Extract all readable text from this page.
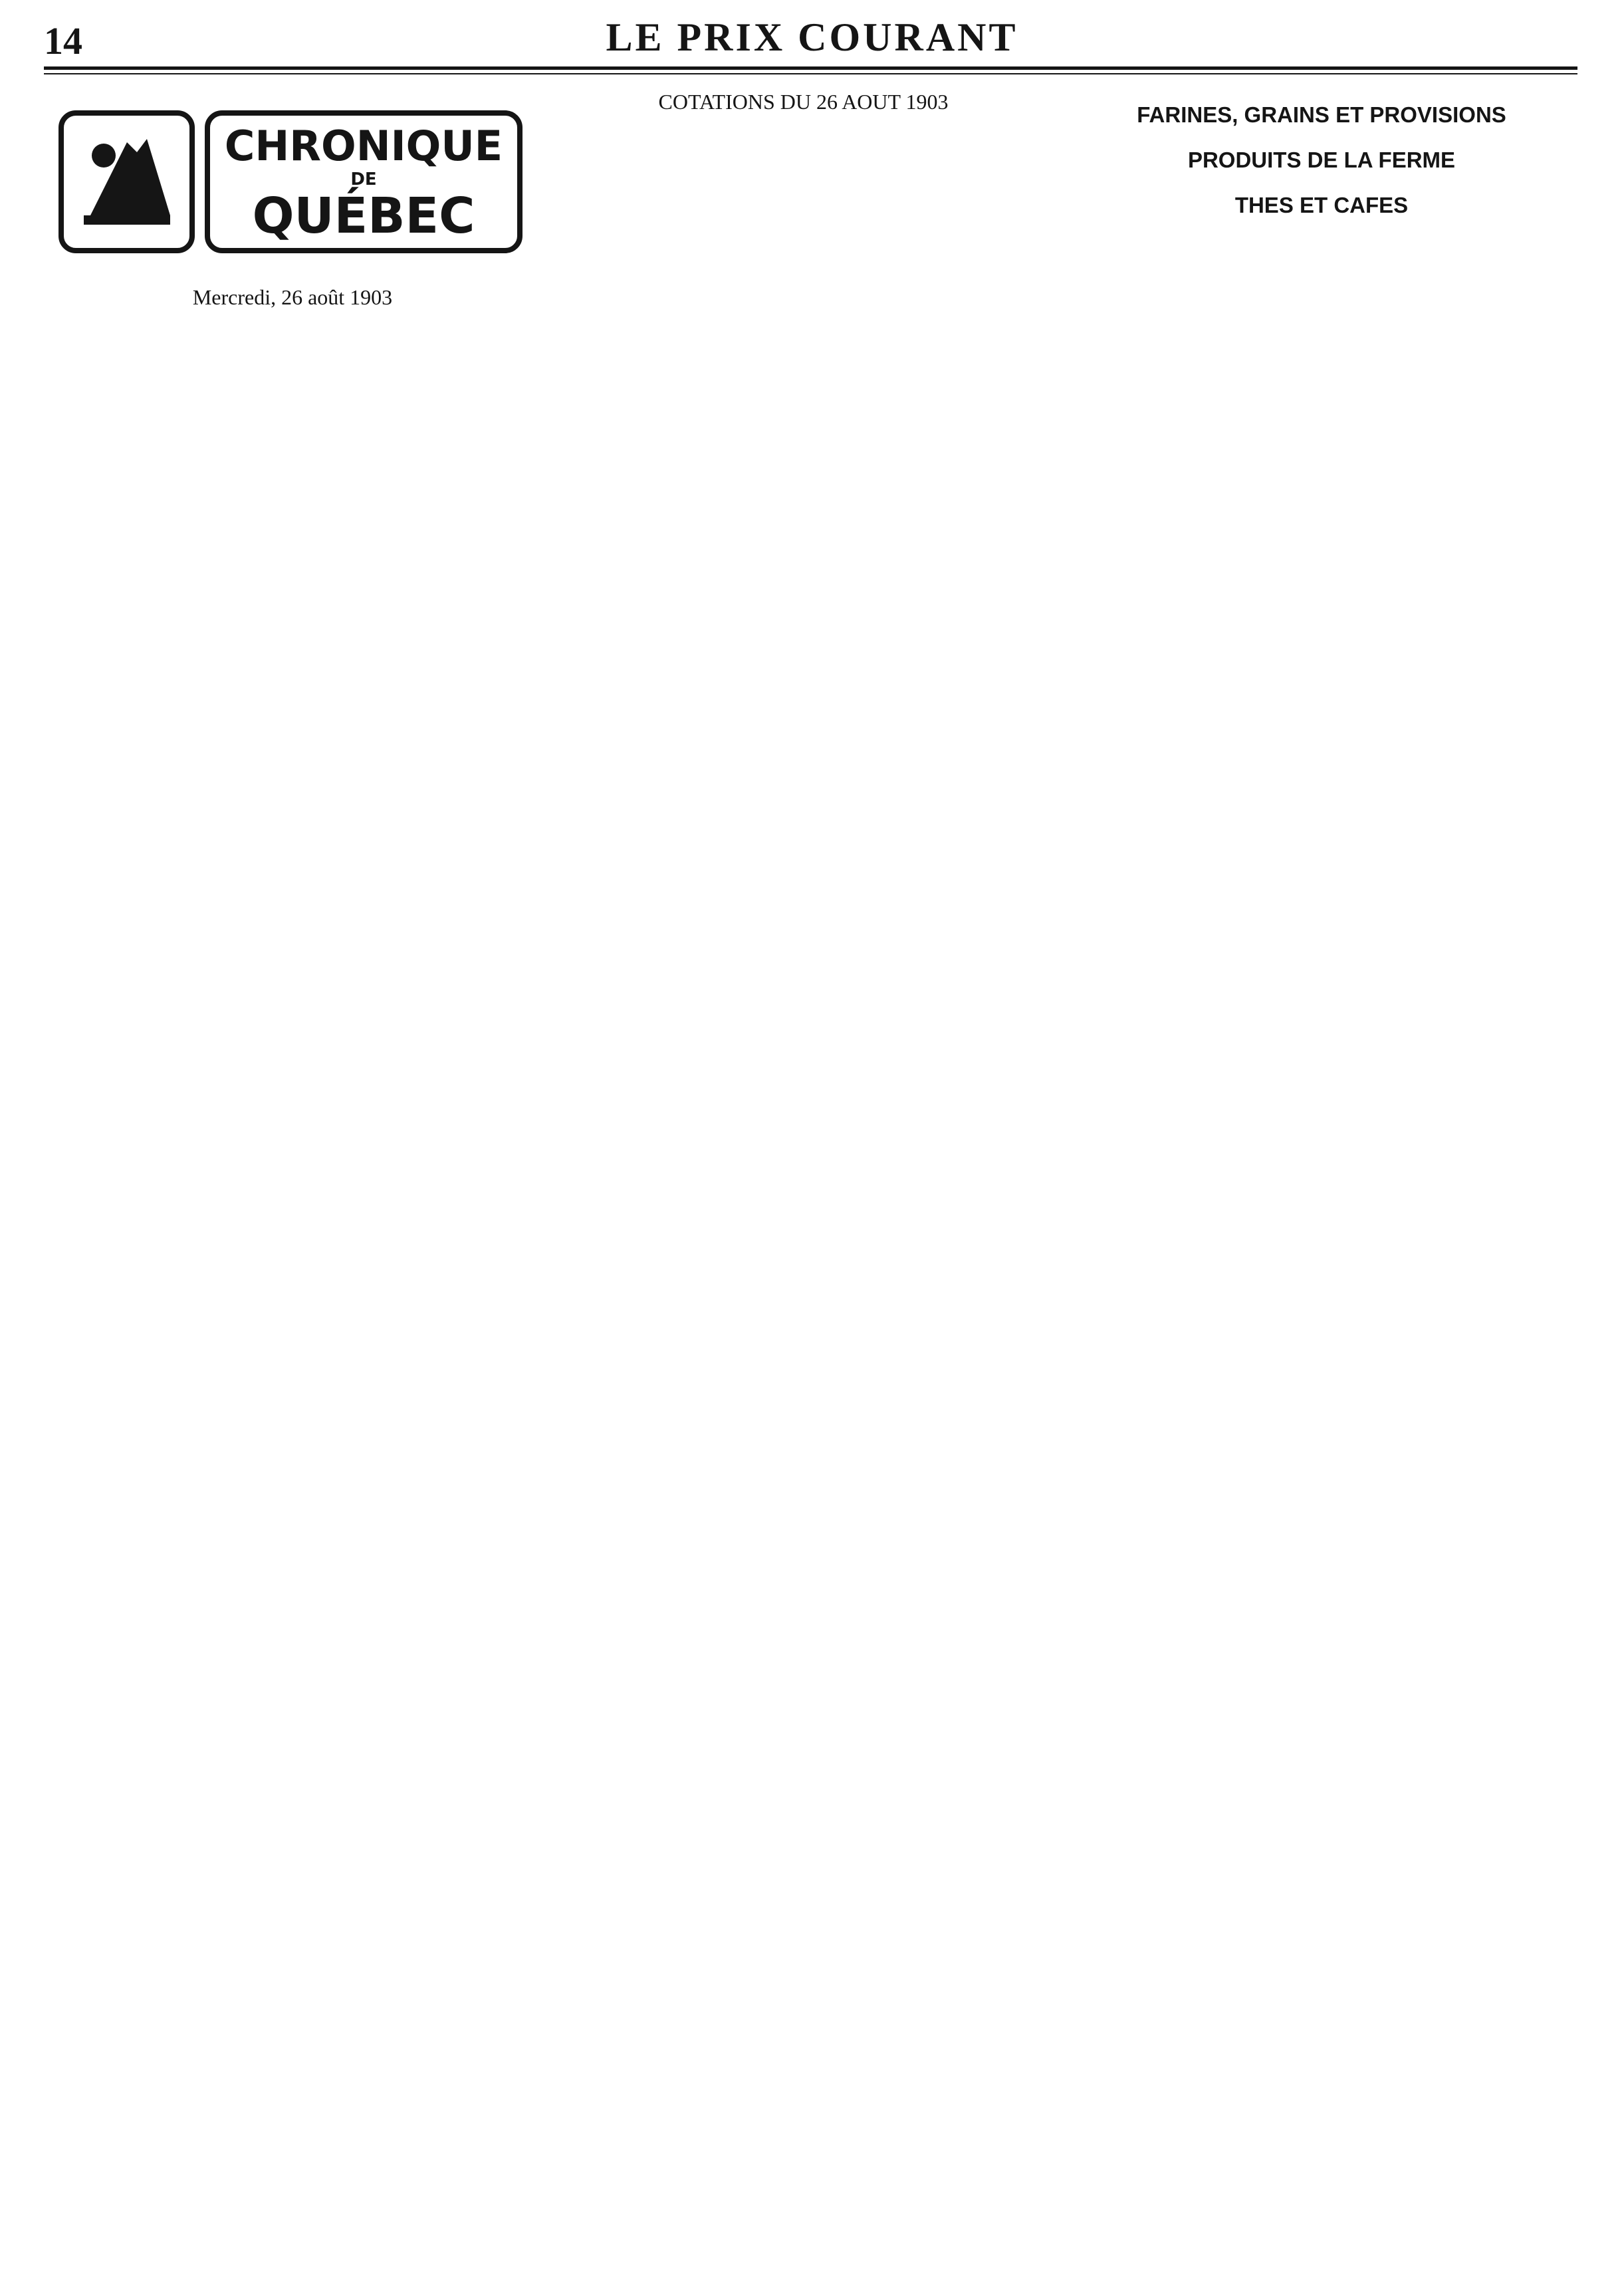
14	LE PRIX COURANT
CHRONIQUE
DE
QUÉBEC
Mercredi, 26 août 1903

COTATIONS DU 26 AOUT 1903

FARINES, GRAINS ET PROVISIONS

PRODUITS DE LA FERME

THES ET CAFES
